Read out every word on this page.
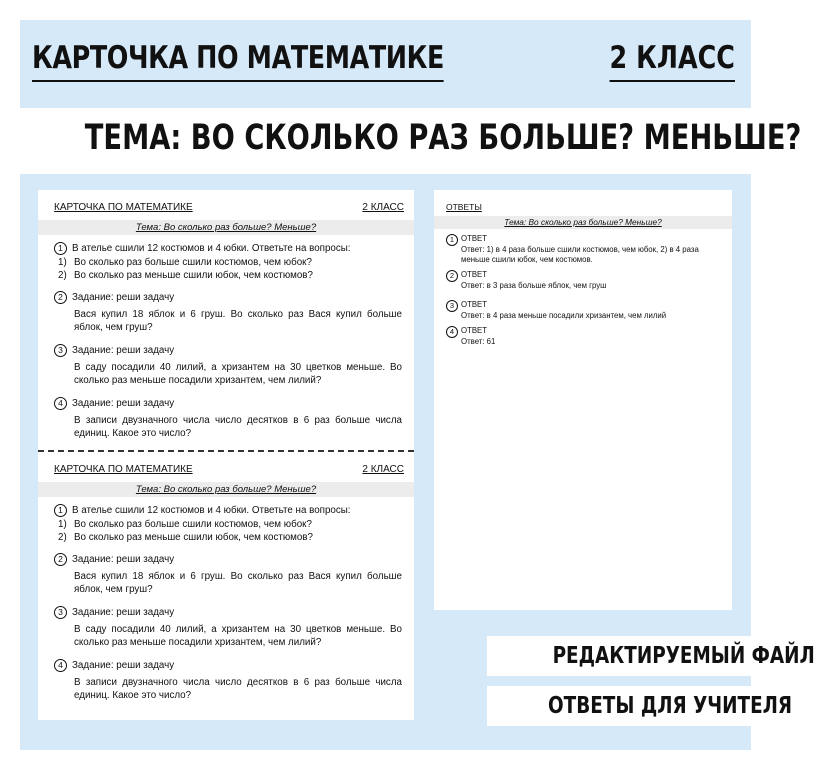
КАРТОЧКА ПО МАТЕМАТИКЕ	2 КЛАСС
ТЕМА: ВО СКОЛЬКО РАЗ БОЛЬШЕ? МЕНЬШЕ?
КАРТОЧКА ПО МАТЕМАТИКЕ	2 КЛАСС
Тема: Во сколько раз больше? Меньше?
1 В ателье сшили 12 костюмов и 4 юбки. Ответьте на вопросы:
1) Во сколько раз больше сшили костюмов, чем юбок?
2) Во сколько раз меньше сшили юбок, чем костюмов?
2 Задание: реши задачу
Вася купил 18 яблок и 6 груш. Во сколько раз Вася купил больше яблок, чем груш?
3 Задание: реши задачу
В саду посадили 40 лилий, а хризантем на 30 цветков меньше. Во сколько раз меньше посадили хризантем, чем лилий?
4 Задание: реши задачу
В записи двузначного числа число десятков в 6 раз больше числа единиц. Какое это число?
КАРТОЧКА ПО МАТЕМАТИКЕ	2 КЛАСС
Тема: Во сколько раз больше? Меньше?
1 В ателье сшили 12 костюмов и 4 юбки. Ответьте на вопросы:
1) Во сколько раз больше сшили костюмов, чем юбок?
2) Во сколько раз меньше сшили юбок, чем костюмов?
2 Задание: реши задачу
Вася купил 18 яблок и 6 груш. Во сколько раз Вася купил больше яблок, чем груш?
3 Задание: реши задачу
В саду посадили 40 лилий, а хризантем на 30 цветков меньше. Во сколько раз меньше посадили хризантем, чем лилий?
4 Задание: реши задачу
В записи двузначного числа число десятков в 6 раз больше числа единиц. Какое это число?
ОТВЕТЫ
Тема: Во сколько раз больше? Меньше?
1 ОТВЕТ
Ответ: 1) в 4 раза больше сшили костюмов, чем юбок, 2) в 4 раза меньше сшили юбок, чем костюмов.
2 ОТВЕТ
Ответ: в 3 раза больше яблок, чем груш
3 ОТВЕТ
Ответ: в 4 раза меньше посадили хризантем, чем лилий
4 ОТВЕТ
Ответ: 61
РЕДАКТИРУЕМЫЙ ФАЙЛ
ОТВЕТЫ ДЛЯ УЧИТЕЛЯ
